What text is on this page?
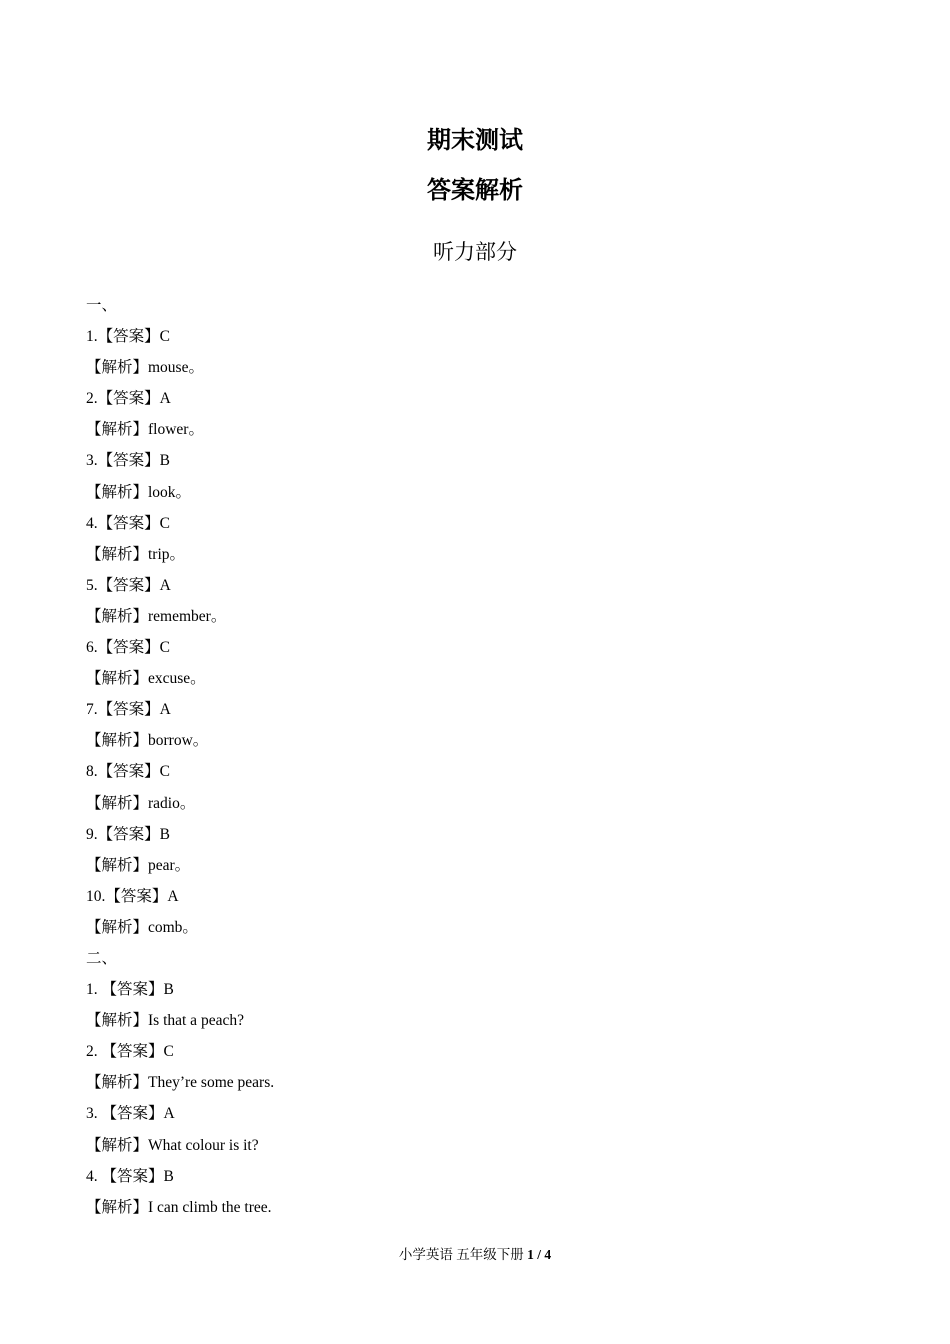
期末测试
答案解析
听力部分
一、
1.【答案】C
【解析】mouse。
2.【答案】A
【解析】flower。
3.【答案】B
【解析】look。
4.【答案】C
【解析】trip。
5.【答案】A
【解析】remember。
6.【答案】C
【解析】excuse。
7.【答案】A
【解析】borrow。
8.【答案】C
【解析】radio。
9.【答案】B
【解析】pear。
10.【答案】A
【解析】comb。
二、
1. 【答案】B
【解析】Is that a peach?
2. 【答案】C
【解析】They’re some pears.
3. 【答案】A
【解析】What colour is it?
4. 【答案】B
【解析】I can climb the tree.
小学英语 五年级下册 1 / 4
